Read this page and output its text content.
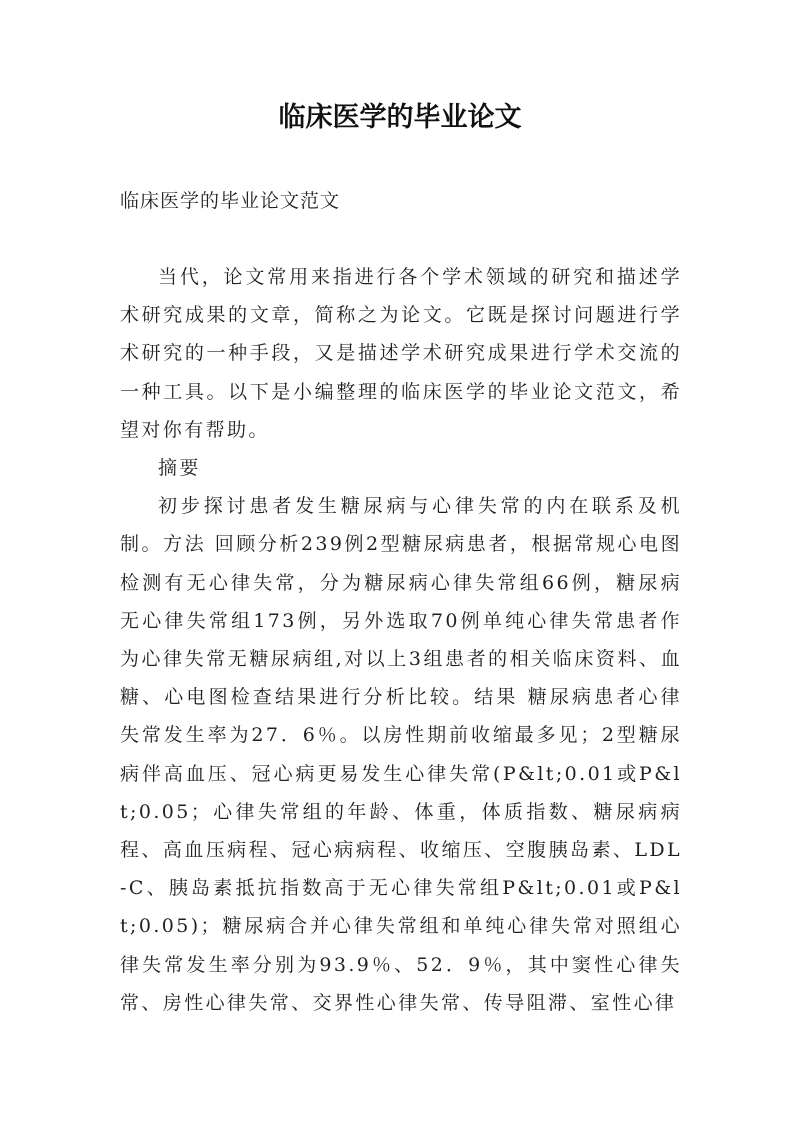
临床医学的毕业论文

临床医学的毕业论文范文

当代，论文常用来指进行各个学术领域的研究和描述学术研究成果的文章，简称之为论文。它既是探讨问题进行学术研究的一种手段，又是描述学术研究成果进行学术交流的一种工具。以下是小编整理的临床医学的毕业论文范文，希望对你有帮助。

摘要

初步探讨患者发生糖尿病与心律失常的内在联系及机制。方法 回顾分析239例2型糖尿病患者，根据常规心电图检测有无心律失常，分为糖尿病心律失常组66例，糖尿病无心律失常组173例，另外选取70例单纯心律失常患者作为心律失常无糖尿病组,对以上3组患者的相关临床资料、血糖、心电图检查结果进行分析比较。结果 糖尿病患者心律失常发生率为27．6％。以房性期前收缩最多见；2型糖尿病伴高血压、冠心病更易发生心律失常(P&lt;0.01或P&lt;0.05；心律失常组的年龄、体重，体质指数、糖尿病病程、高血压病程、冠心病病程、收缩压、空腹胰岛素、LDL-C、胰岛素抵抗指数高于无心律失常组P&lt;0.01或P&lt;0.05)；糖尿病合并心律失常组和单纯心律失常对照组心律失常发生率分别为93.9％、52．9％，其中窦性心律失常、房性心律失常、交界性心律失常、传导阻滞、室性心律
